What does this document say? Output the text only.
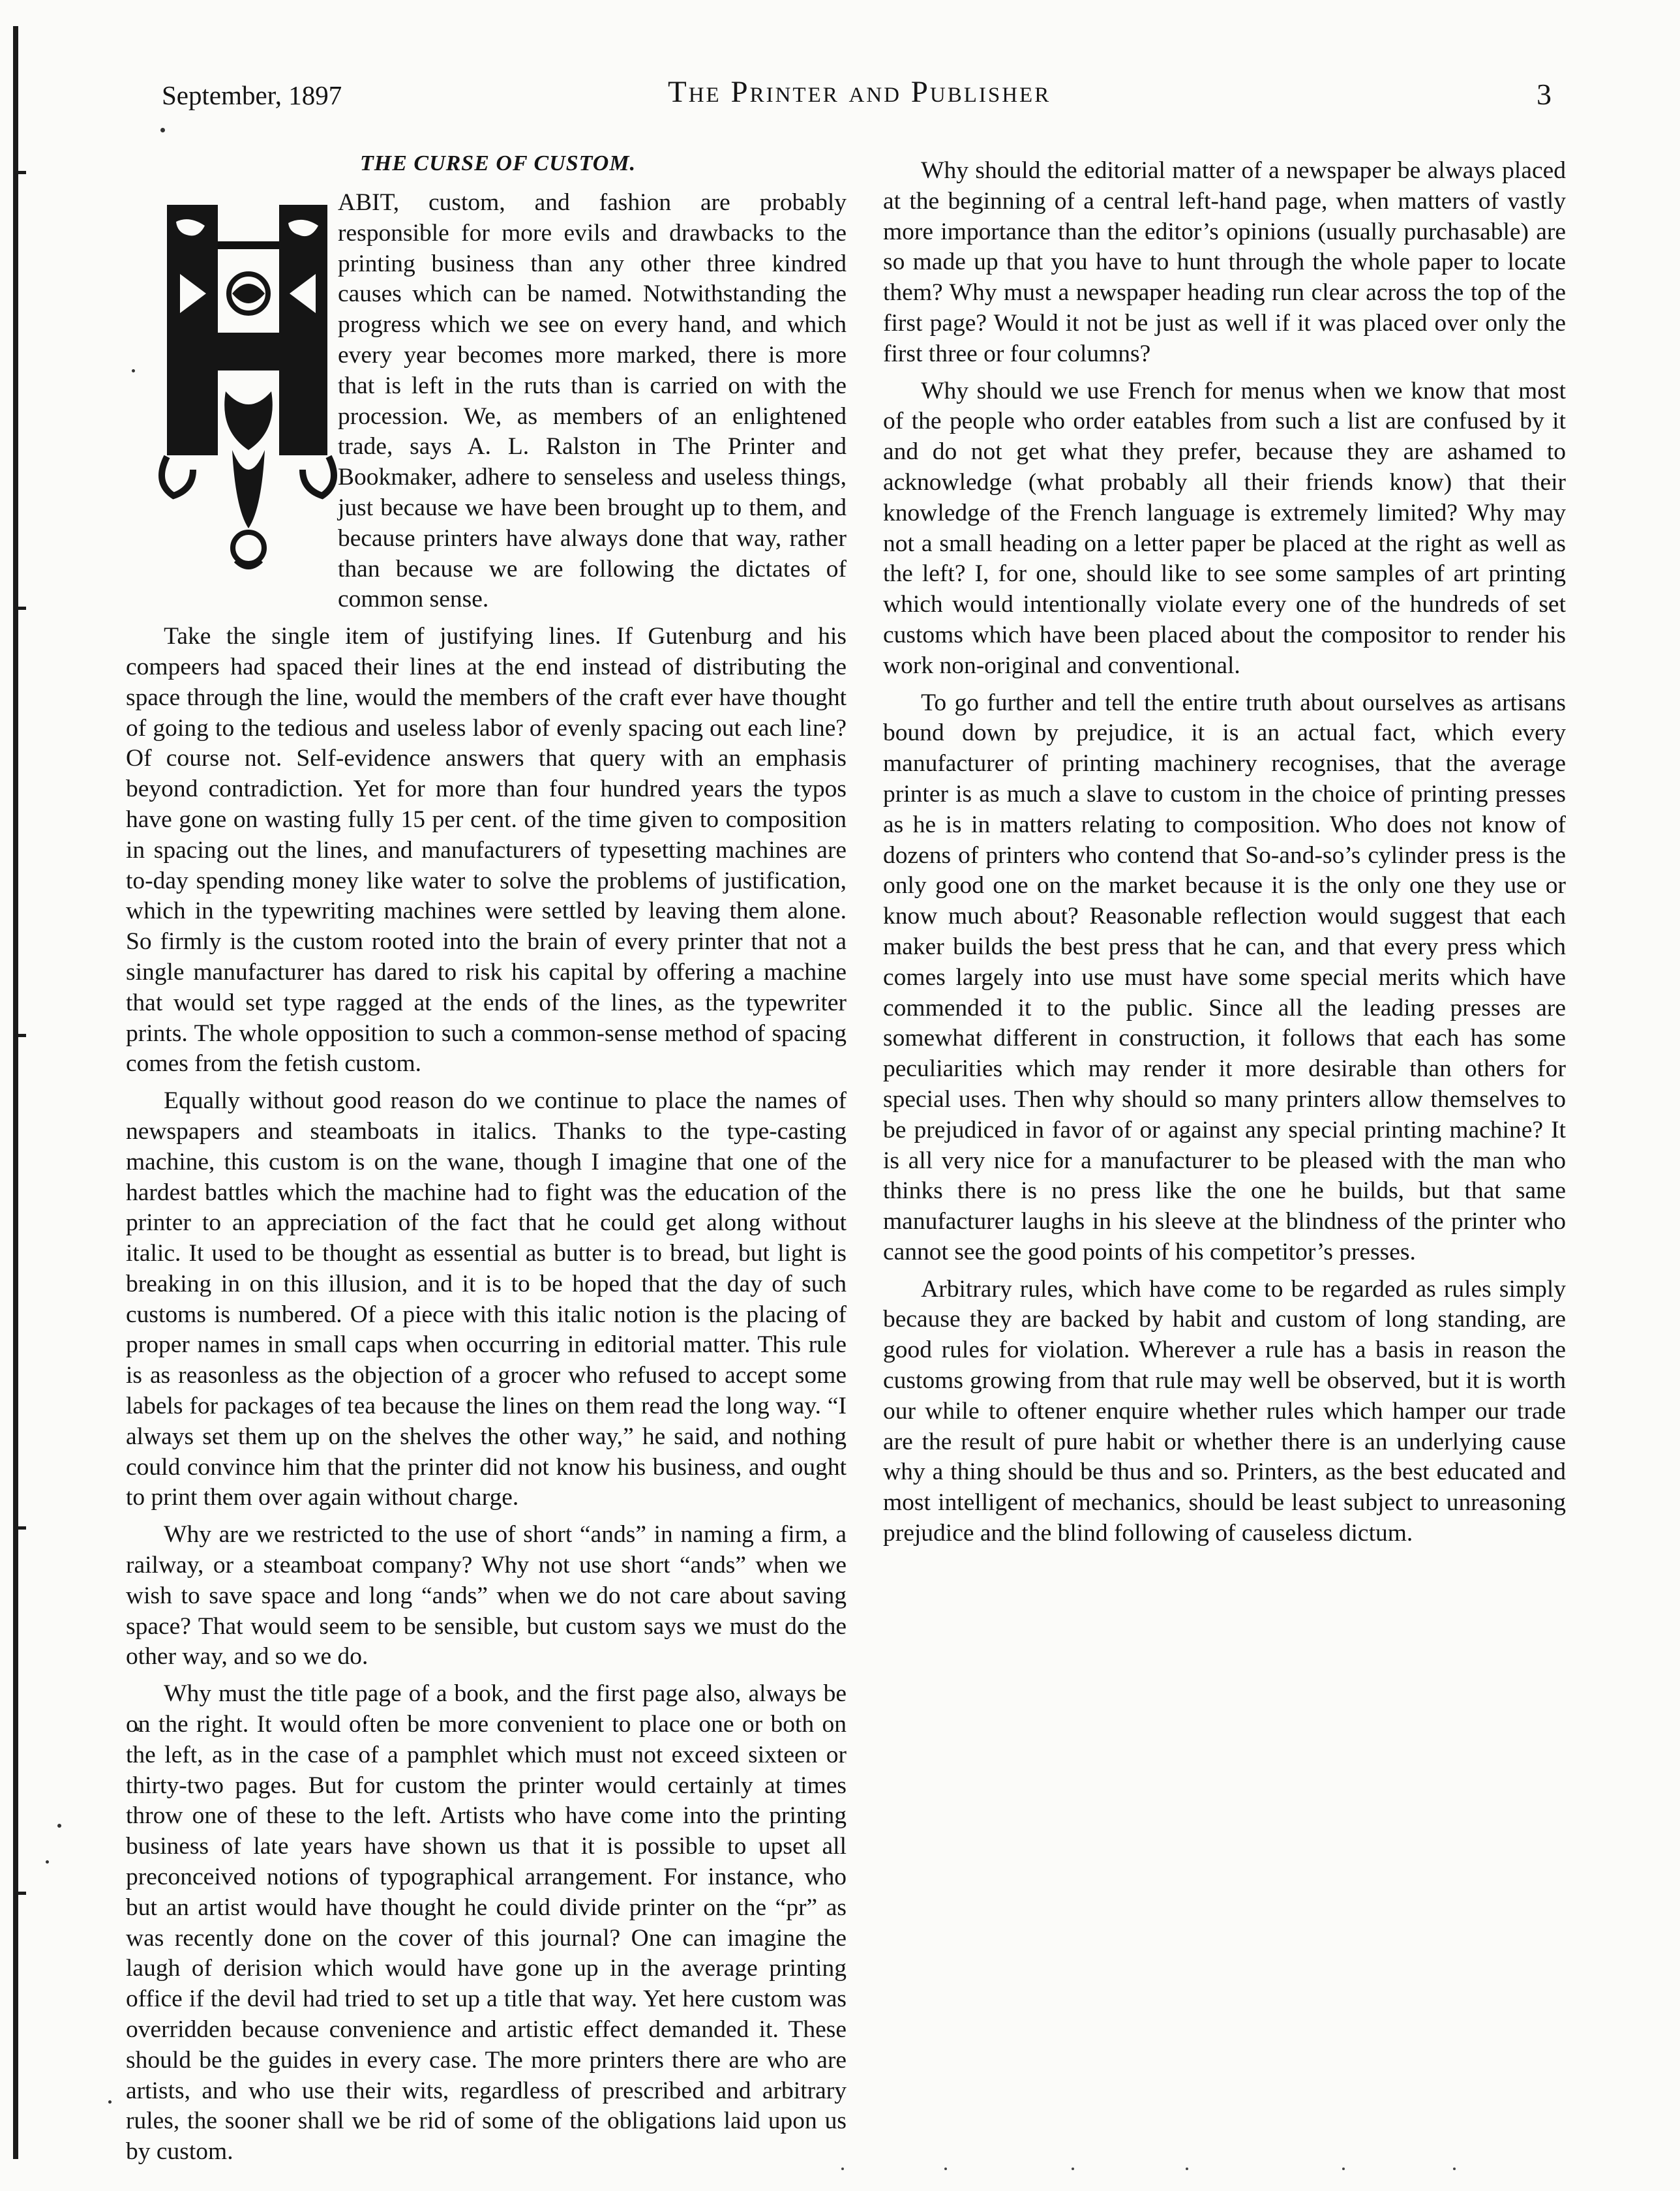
September, 1897	The Printer and Publisher	3
THE CURSE OF CUSTOM.

ABIT, custom, and fashion are probably responsible for more evils and drawbacks to the printing business than any other three kindred causes which can be named. Notwithstanding the progress which we see on every hand, and which every year becomes more marked, there is more that is left in the ruts than is carried on with the procession. We, as members of an enlightened trade, says A. L. Ralston in The Printer and Bookmaker, adhere to senseless and useless things, just because we have been brought up to them, and because printers have always done that way, rather than because we are following the dictates of common sense.

Take the single item of justifying lines. If Gutenburg and his compeers had spaced their lines at the end instead of distributing the space through the line, would the members of the craft ever have thought of going to the tedious and useless labor of evenly spacing out each line? Of course not. Self-evidence answers that query with an emphasis beyond contradiction. Yet for more than four hundred years the typos have gone on wasting fully 15 per cent. of the time given to composition in spacing out the lines, and manufacturers of typesetting machines are to-day spending money like water to solve the problems of justification, which in the typewriting machines were settled by leaving them alone. So firmly is the custom rooted into the brain of every printer that not a single manufacturer has dared to risk his capital by offering a machine that would set type ragged at the ends of the lines, as the typewriter prints. The whole opposition to such a common-sense method of spacing comes from the fetish custom.

Equally without good reason do we continue to place the names of newspapers and steamboats in italics. Thanks to the type-casting machine, this custom is on the wane, though I imagine that one of the hardest battles which the machine had to fight was the education of the printer to an appreciation of the fact that he could get along without italic. It used to be thought as essential as butter is to bread, but light is breaking in on this illusion, and it is to be hoped that the day of such customs is numbered. Of a piece with this italic notion is the placing of proper names in small caps when occurring in editorial matter. This rule is as reasonless as the objection of a grocer who refused to accept some labels for packages of tea because the lines on them read the long way. “I always set them up on the shelves the other way,” he said, and nothing could convince him that the printer did not know his business, and ought to print them over again without charge.

Why are we restricted to the use of short “ands” in naming a firm, a railway, or a steamboat company? Why not use short “ands” when we wish to save space and long “ands” when we do not care about saving space? That would seem to be sensible, but custom says we must do the other way, and so we do.

Why must the title page of a book, and the first page also, always be on the right. It would often be more convenient to place one or both on the left, as in the case of a pamphlet which must not exceed sixteen or thirty-two pages. But for custom the printer would certainly at times throw one of these to the left. Artists who have come into the printing business of late years have shown us that it is possible to upset all preconceived notions of typographical arrangement. For instance, who but an artist would have thought he could divide printer on the “pr” as was recently done on the cover of this journal? One can imagine the laugh of derision which would have gone up in the average printing office if the devil had tried to set up a title that way. Yet here custom was overridden because convenience and artistic effect demanded it. These should be the guides in every case. The more printers there are who are artists, and who use their wits, regardless of prescribed and arbitrary rules, the sooner shall we be rid of some of the obligations laid upon us by custom.

Why should the editorial matter of a newspaper be always placed at the beginning of a central left-hand page, when matters of vastly more importance than the editor’s opinions (usually purchasable) are so made up that you have to hunt through the whole paper to locate them? Why must a newspaper heading run clear across the top of the first page? Would it not be just as well if it was placed over only the first three or four columns?

Why should we use French for menus when we know that most of the people who order eatables from such a list are confused by it and do not get what they prefer, because they are ashamed to acknowledge (what probably all their friends know) that their knowledge of the French language is extremely limited? Why may not a small heading on a letter paper be placed at the right as well as the left? I, for one, should like to see some samples of art printing which would intentionally violate every one of the hundreds of set customs which have been placed about the compositor to render his work non-original and conventional.

To go further and tell the entire truth about ourselves as artisans bound down by prejudice, it is an actual fact, which every manufacturer of printing machinery recognises, that the average printer is as much a slave to custom in the choice of printing presses as he is in matters relating to composition. Who does not know of dozens of printers who contend that So-and-so’s cylinder press is the only good one on the market because it is the only one they use or know much about? Reasonable reflection would suggest that each maker builds the best press that he can, and that every press which comes largely into use must have some special merits which have commended it to the public. Since all the leading presses are somewhat different in construction, it follows that each has some peculiarities which may render it more desirable than others for special uses. Then why should so many printers allow themselves to be prejudiced in favor of or against any special printing machine? It is all very nice for a manufacturer to be pleased with the man who thinks there is no press like the one he builds, but that same manufacturer laughs in his sleeve at the blindness of the printer who cannot see the good points of his competitor’s presses.

Arbitrary rules, which have come to be regarded as rules simply because they are backed by habit and custom of long standing, are good rules for violation. Wherever a rule has a basis in reason the customs growing from that rule may well be observed, but it is worth our while to oftener enquire whether rules which hamper our trade are the result of pure habit or whether there is an underlying cause why a thing should be thus and so. Printers, as the best educated and most intelligent of mechanics, should be least subject to unreasoning prejudice and the blind following of causeless dictum.
